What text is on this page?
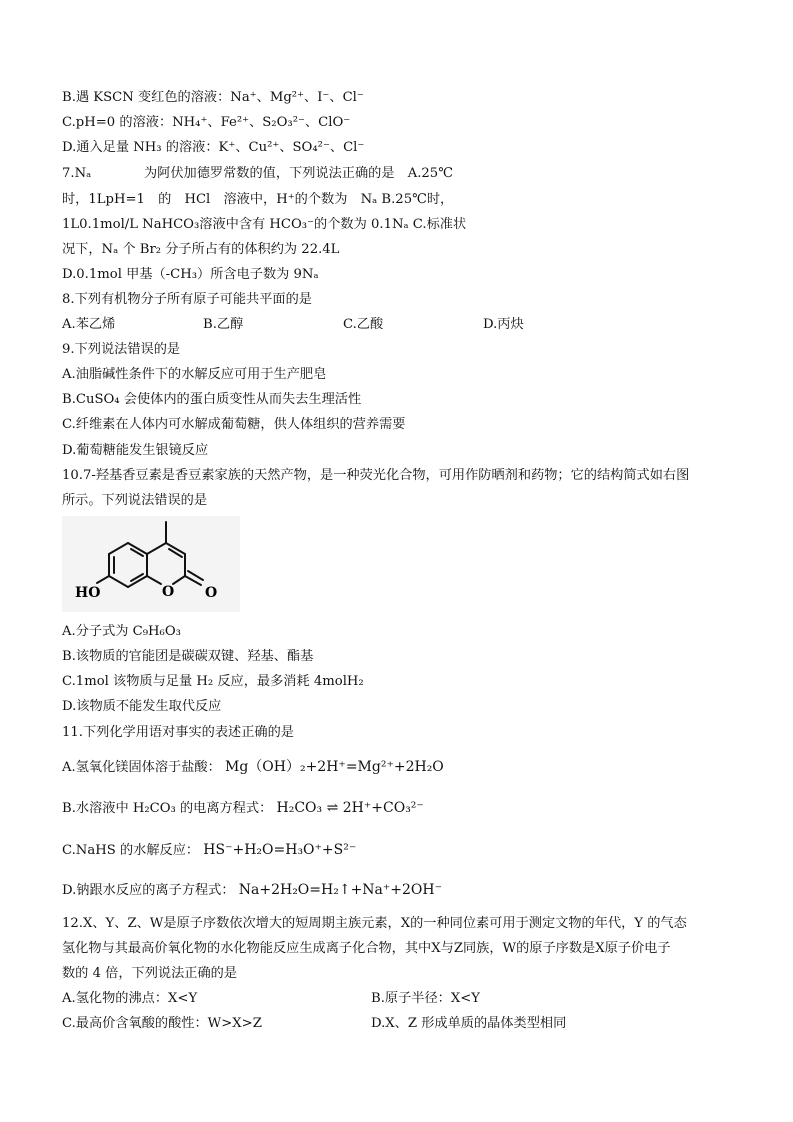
B.遇 KSCN 变红色的溶液：Na⁺、Mg²⁺、I⁻、Cl⁻
C.pH=0 的溶液：NH₄⁺、Fe²⁺、S₂O₃²⁻、ClO⁻
D.通入足量 NH₃ 的溶液：K⁺、Cu²⁺、SO₄²⁻、Cl⁻
7.Nₐ　　　　为阿伏加德罗常数的值，下列说法正确的是　A.25℃
时，1LpH=1　的　HCl　溶液中，H⁺的个数为　Nₐ B.25℃时，
1L0.1mol/L NaHCO₃溶液中含有 HCO₃⁻的个数为 0.1Nₐ C.标准状
况下，Nₐ 个 Br₂ 分子所占有的体积约为 22.4L
D.0.1mol 甲基（-CH₃）所含电子数为 9Nₐ
8.下列有机物分子所有原子可能共平面的是
A.苯乙烯	B.乙醇	C.乙酸	D.丙炔
9.下列说法错误的是
A.油脂碱性条件下的水解反应可用于生产肥皂
B.CuSO₄ 会使体内的蛋白质变性从而失去生理活性
C.纤维素在人体内可水解成葡萄糖，供人体组织的营养需要
D.葡萄糖能发生银镜反应
10.7-羟基香豆素是香豆素家族的天然产物，是一种荧光化合物，可用作防晒剂和药物；它的结构简式如右图
所示。下列说法错误的是
HO	O O
A.分子式为 C₉H₆O₃
B.该物质的官能团是碳碳双键、羟基、酯基
C.1mol 该物质与足量 H₂ 反应，最多消耗 4molH₂
D.该物质不能发生取代反应
11.下列化学用语对事实的表述正确的是
A.氢氧化镁固体溶于盐酸： Mg（OH）₂+2H⁺=Mg²⁺+2H₂O
B.水溶液中 H₂CO₃ 的电离方程式： H₂CO₃ ⇌ 2H⁺+CO₃²⁻
C.NaHS 的水解反应： HS⁻+H₂O=H₃O⁺+S²⁻
D.钠跟水反应的离子方程式： Na+2H₂O=H₂↑+Na⁺+2OH⁻
12.X、Y、Z、W是原子序数依次增大的短周期主族元素，X的一种同位素可用于测定文物的年代，Y 的气态
氢化物与其最高价氧化物的水化物能反应生成离子化合物，其中X与Z同族，W的原子序数是X原子价电子
数的 4 倍，下列说法正确的是
A.氢化物的沸点：X<Y	B.原子半径：X<Y
C.最高价含氧酸的酸性：W>X>Z	D.X、Z 形成单质的晶体类型相同
